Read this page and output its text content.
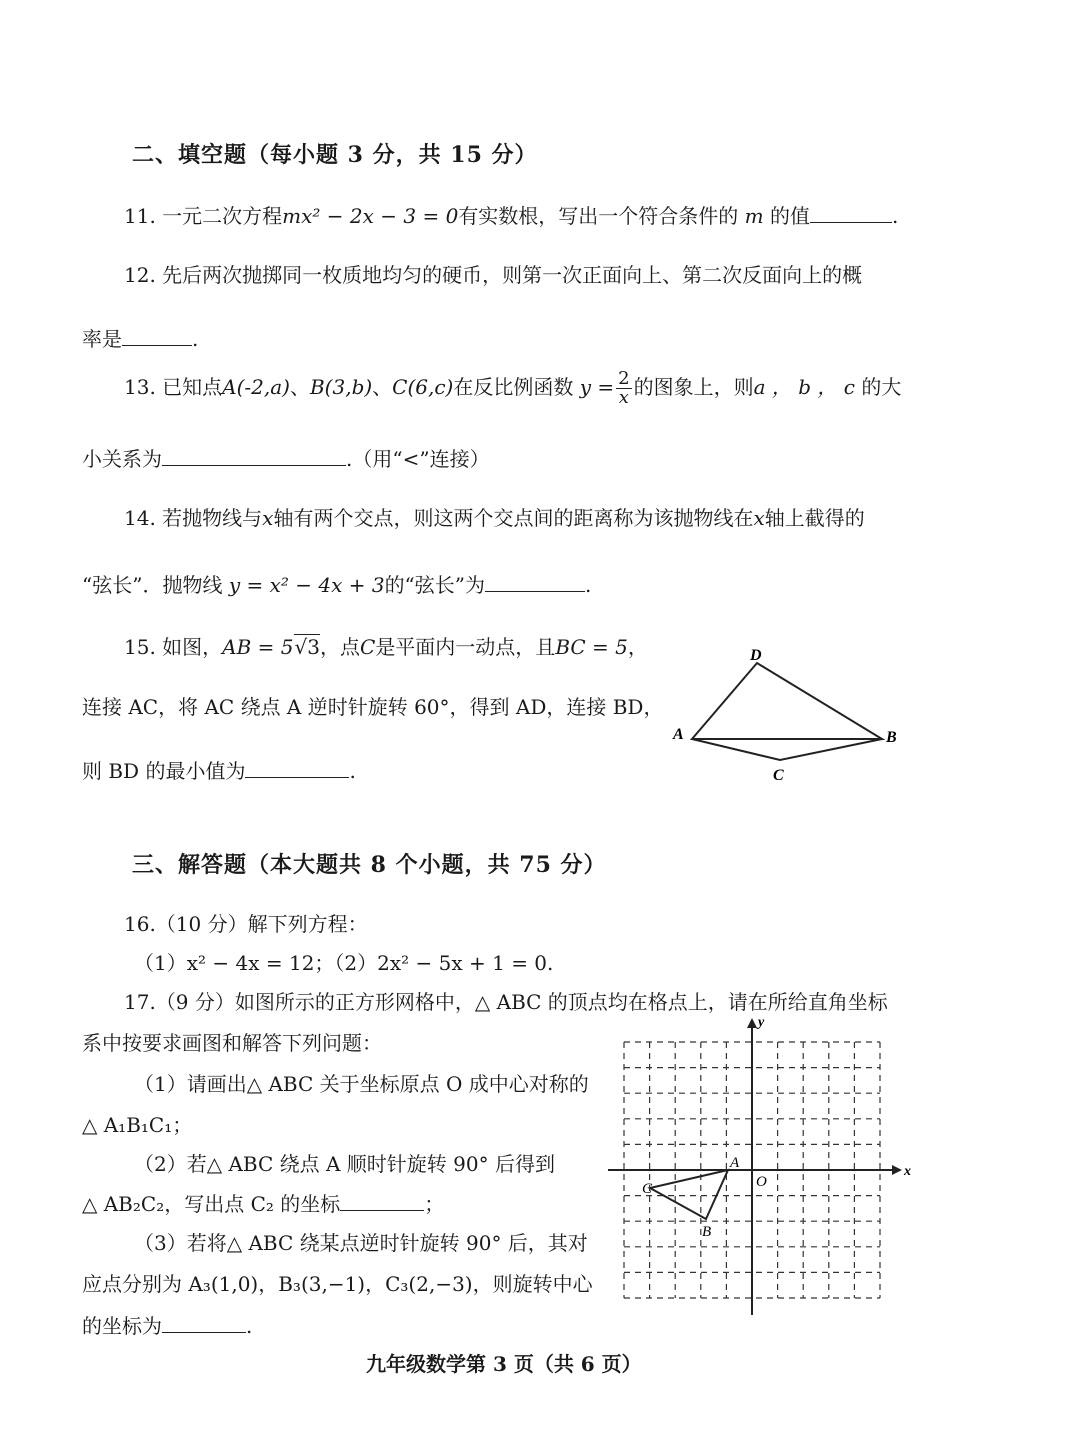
二、填空题（每小题 3 分，共 15 分）
11. 一元二次方程mx² − 2x − 3 = 0有实数根，写出一个符合条件的 m 的值	.
12. 先后两次抛掷同一枚质地均匀的硬币，则第一次正面向上、第二次反面向上的概
率是	.
13. 已知点A(-2,a)、B(3,b)、C(6,c)在反比例函数 $y = \frac{2}{x}$ 的图象上，则a ， b ， c 的大
小关系为	.（用“<”连接）
14. 若抛物线与x轴有两个交点，则这两个交点间的距离称为该抛物线在x轴上截得的
“弦长”．抛物线 y = x² − 4x + 3的“弦长”为	.
15. 如图，AB = 5√3，点C是平面内一动点，且BC = 5，
连接 AC，将 AC 绕点 A 逆时针旋转 60°，得到 AD，连接 BD，
则 BD 的最小值为	.
D
A	B
C
三、解答题（本大题共 8 个小题，共 75 分）
16.（10 分）解下列方程：
（1）x² − 4x = 12；（2）2x² − 5x + 1 = 0.
17.（9 分）如图所示的正方形网格中，△ ABC 的顶点均在格点上，请在所给直角坐标
系中按要求画图和解答下列问题：
（1）请画出△ ABC 关于坐标原点 O 成中心对称的
△ A₁B₁C₁；
（2）若△ ABC 绕点 A 顺时针旋转 90° 后得到
△ AB₂C₂，写出点 C₂ 的坐标	；
（3）若将△ ABC 绕某点逆时针旋转 90° 后，其对
应点分别为 A₃(1,0)，B₃(3,−1)，C₃(2,−3)，则旋转中心
的坐标为	.
x
y
O
A
B
C
九年级数学第 3 页（共 6 页）
